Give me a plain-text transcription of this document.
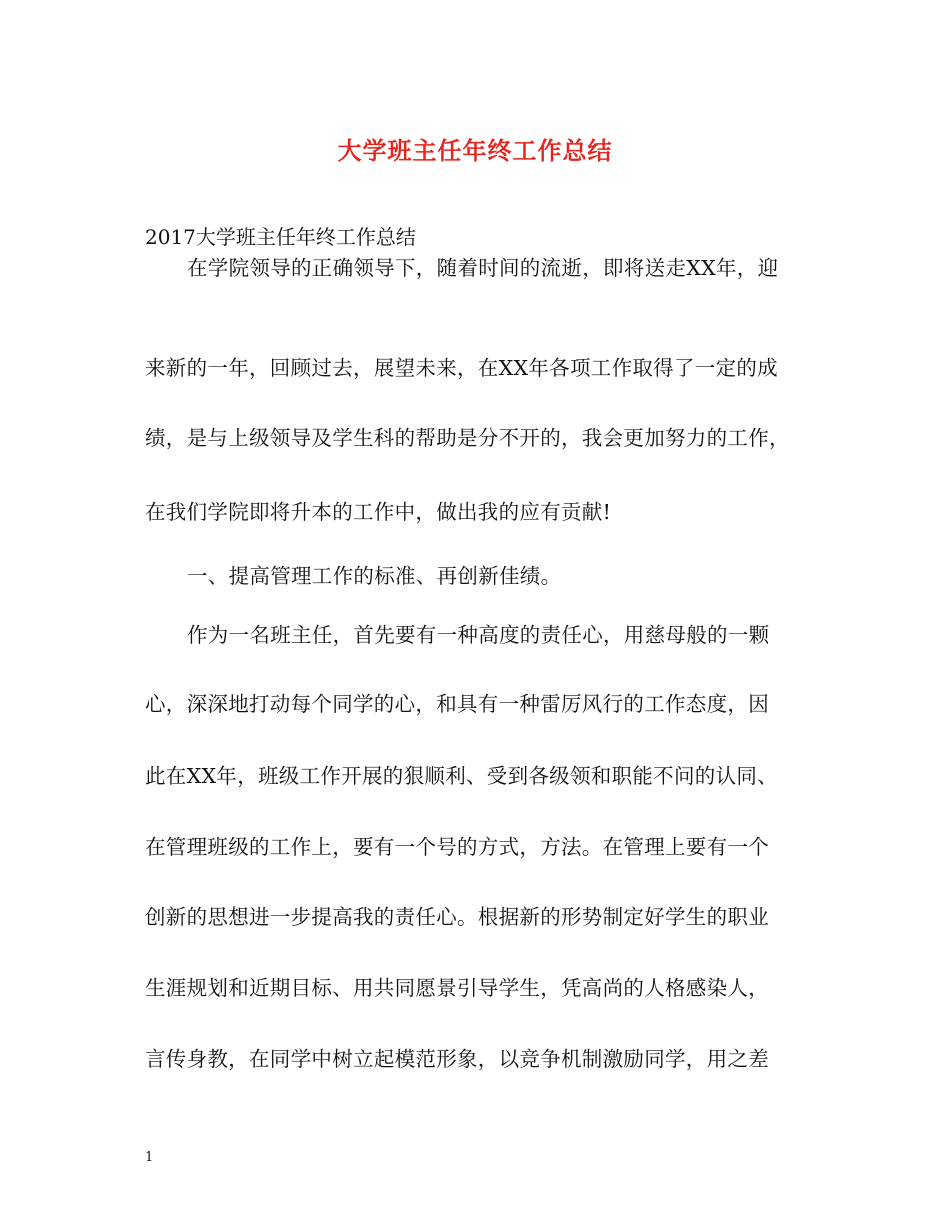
大学班主任年终工作总结
2017大学班主任年终工作总结
在学院领导的正确领导下，随着时间的流逝，即将送走XX年，迎
来新的一年，回顾过去，展望未来，在XX年各项工作取得了一定的成
绩，是与上级领导及学生科的帮助是分不开的，我会更加努力的工作，
在我们学院即将升本的工作中，做出我的应有贡献!
一、提高管理工作的标准、再创新佳绩。
作为一名班主任，首先要有一种高度的责任心，用慈母般的一颗
心，深深地打动每个同学的心，和具有一种雷厉风行的工作态度，因
此在XX年，班级工作开展的狠顺利、受到各级领和职能不问的认同、
在管理班级的工作上，要有一个号的方式，方法。在管理上要有一个
创新的思想进一步提高我的责任心。根据新的形势制定好学生的职业
生涯规划和近期目标、用共同愿景引导学生，凭高尚的人格感染人，
言传身教，在同学中树立起模范形象，以竞争机制激励同学，用之差
1
